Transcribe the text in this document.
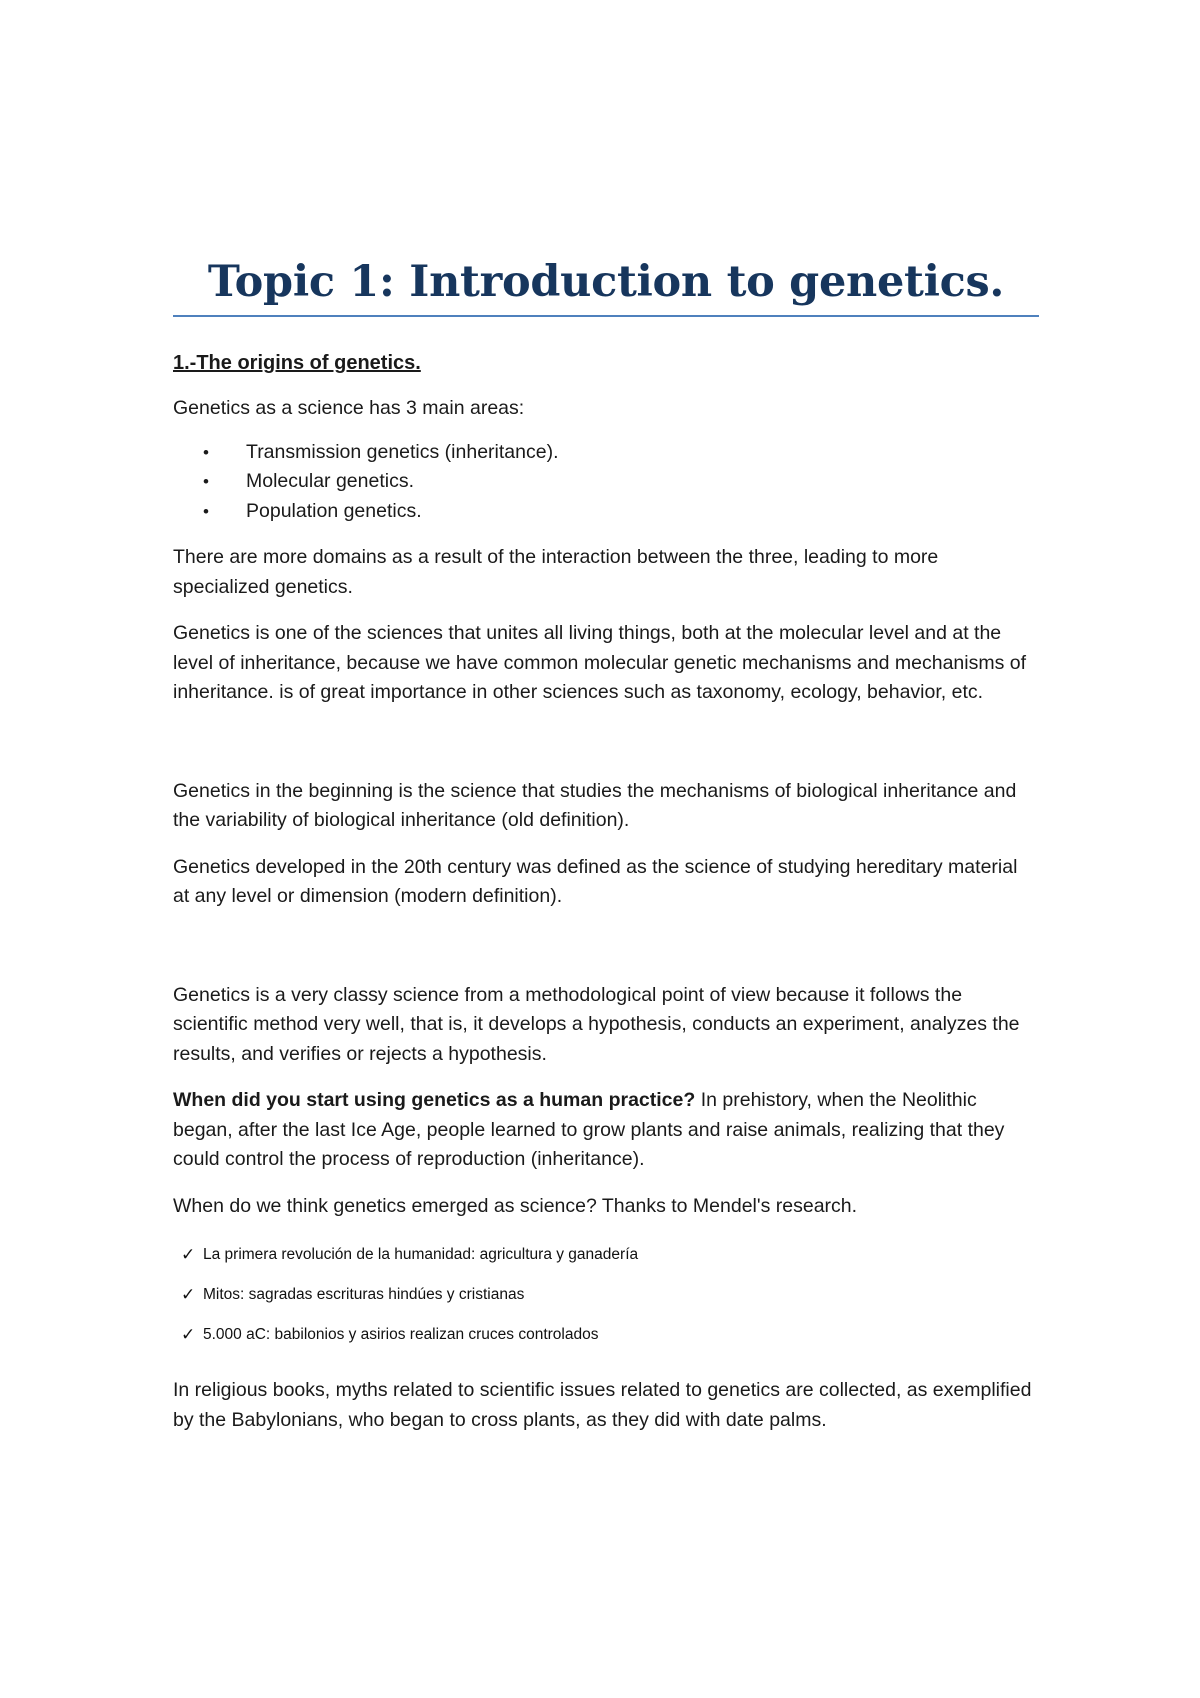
Topic 1: Introduction to genetics.
1.-The origins of genetics.

Genetics as a science has 3 main areas:

• Transmission genetics (inheritance).
• Molecular genetics.
• Population genetics.

There are more domains as a result of the interaction between the three, leading to more specialized genetics.

Genetics is one of the sciences that unites all living things, both at the molecular level and at the level of inheritance, because we have common molecular genetic mechanisms and mechanisms of inheritance. is of great importance in other sciences such as taxonomy, ecology, behavior, etc.

Genetics in the beginning is the science that studies the mechanisms of biological inheritance and the variability of biological inheritance (old definition).

Genetics developed in the 20th century was defined as the science of studying hereditary material at any level or dimension (modern definition).

Genetics is a very classy science from a methodological point of view because it follows the scientific method very well, that is, it develops a hypothesis, conducts an experiment, analyzes the results, and verifies or rejects a hypothesis.

When did you start using genetics as a human practice? In prehistory, when the Neolithic began, after the last Ice Age, people learned to grow plants and raise animals, realizing that they could control the process of reproduction (inheritance).

When do we think genetics emerged as science? Thanks to Mendel's research.

✓ La primera revolución de la humanidad: agricultura y ganadería
✓ Mitos: sagradas escrituras hindúes y cristianas
✓ 5.000 aC: babilonios y asirios realizan cruces controlados

In religious books, myths related to scientific issues related to genetics are collected, as exemplified by the Babylonians, who began to cross plants, as they did with date palms.
